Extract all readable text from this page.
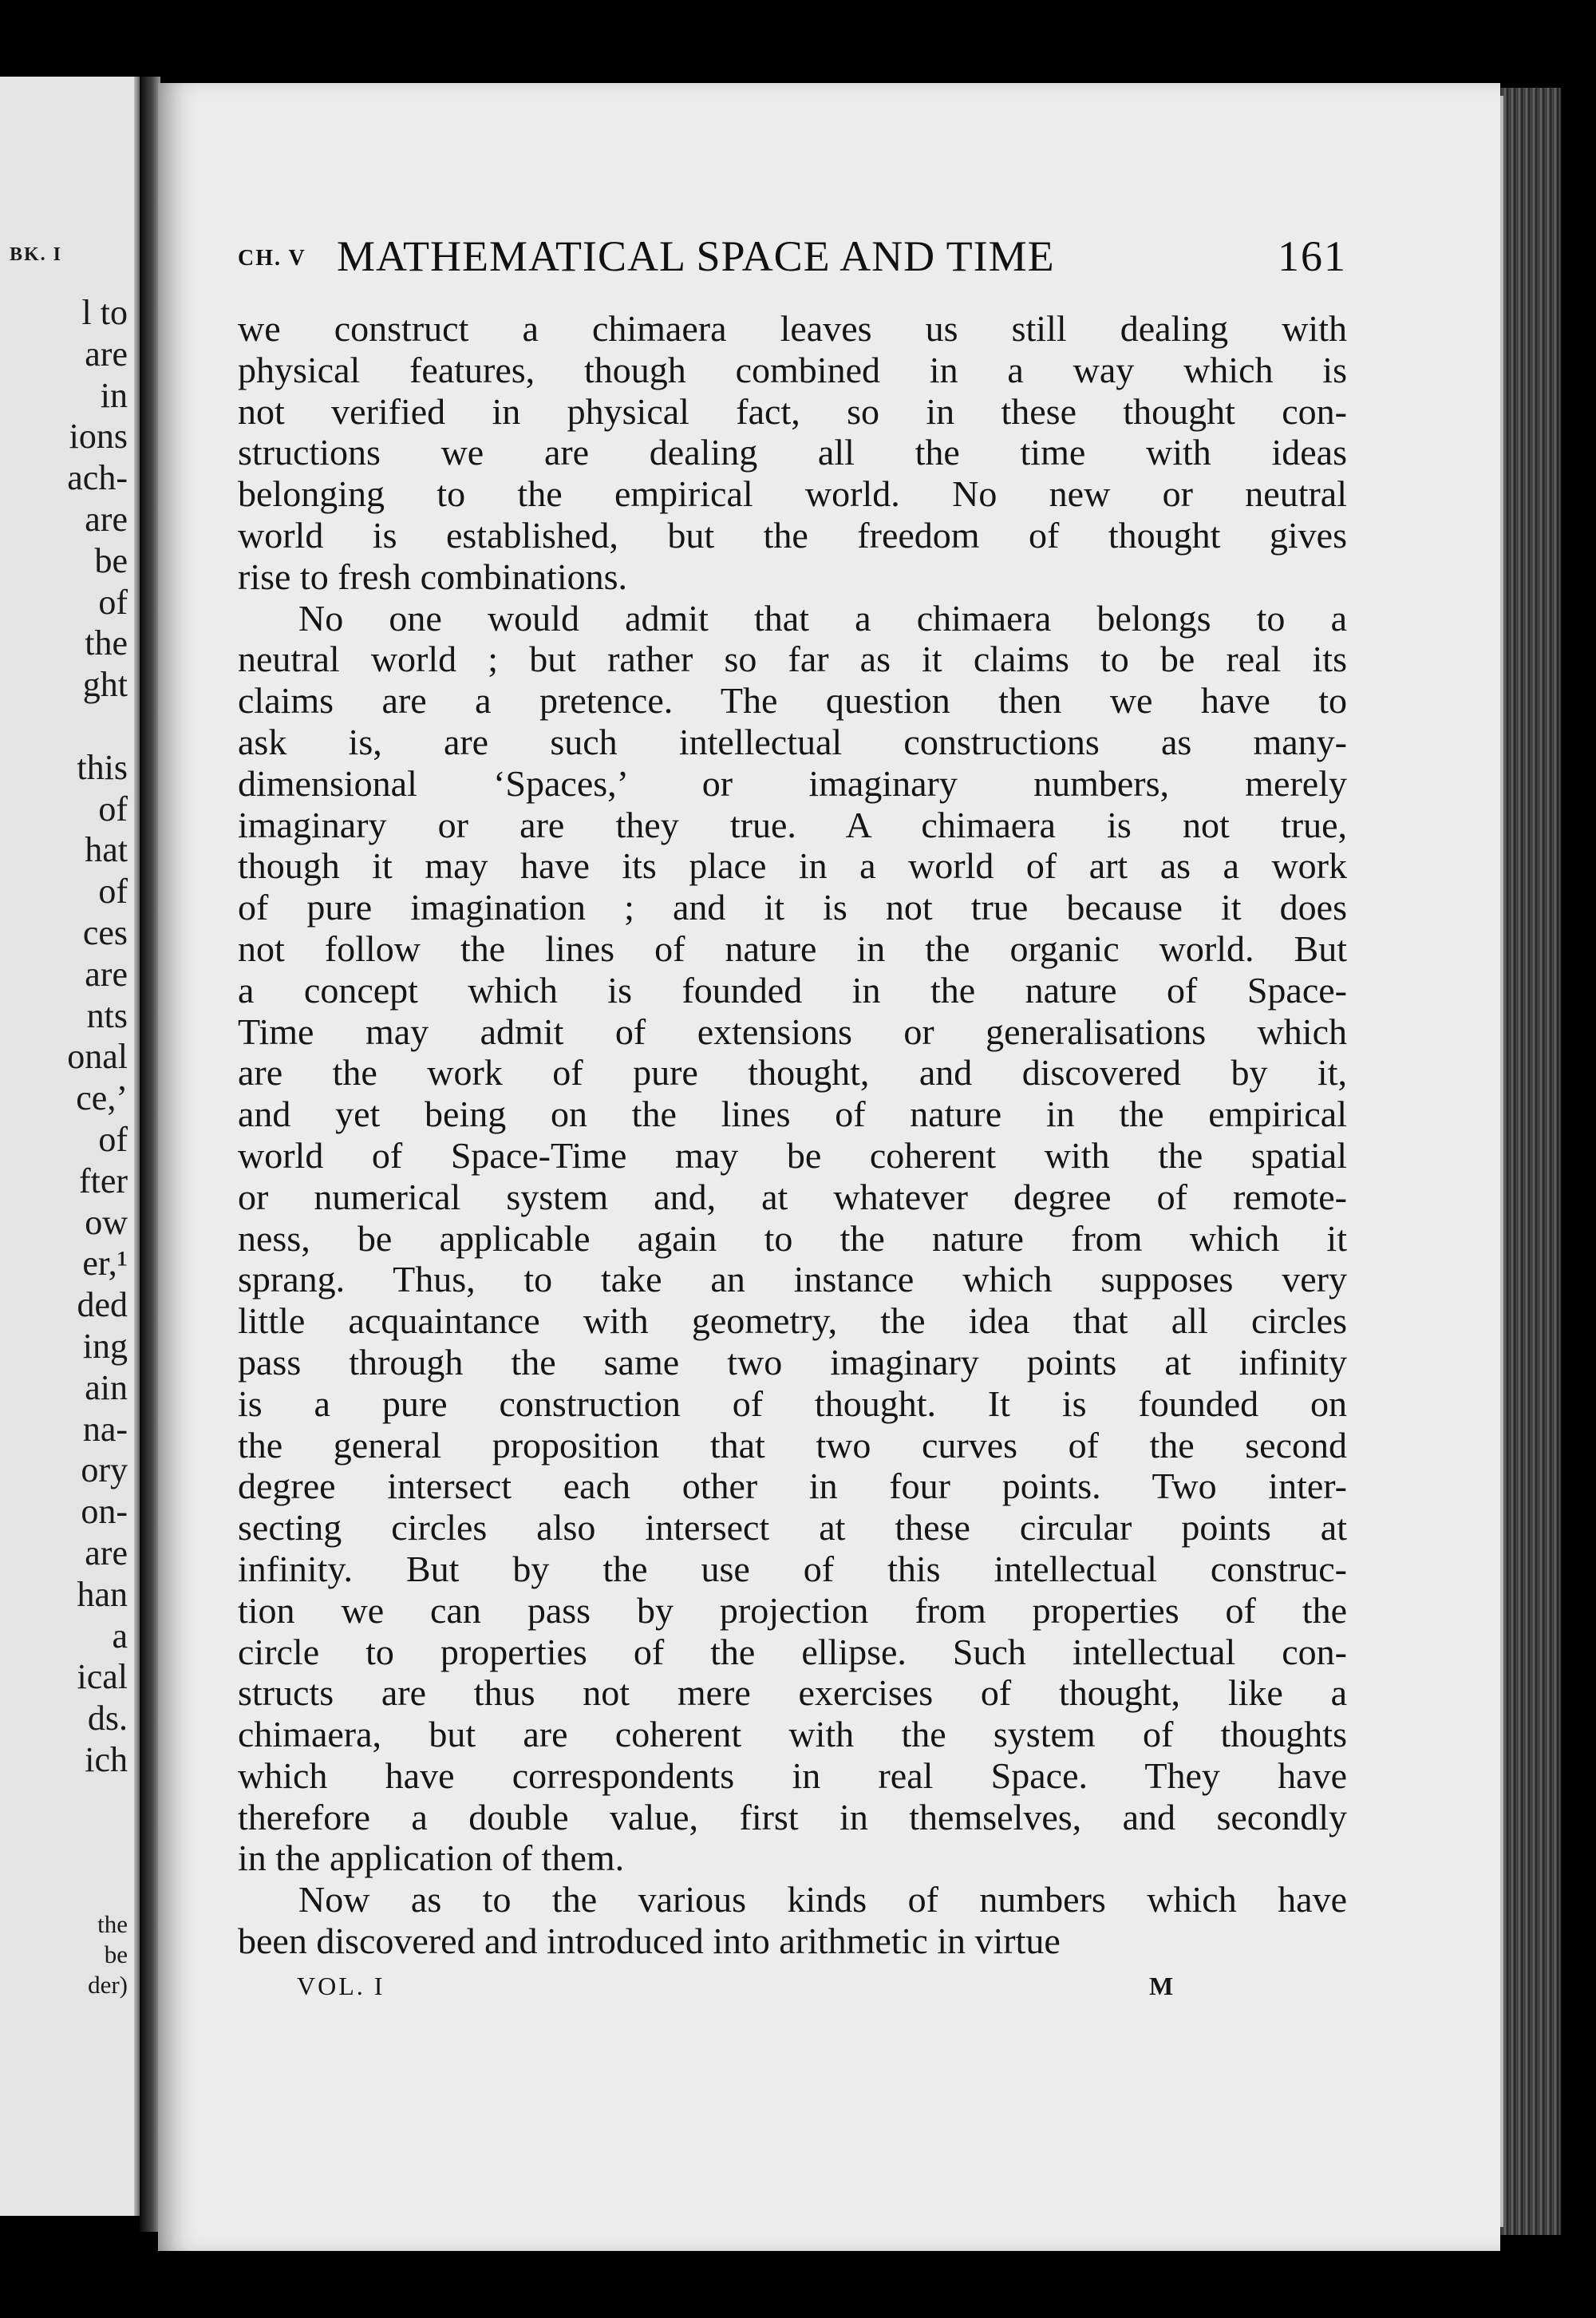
BK. I
l to
are
in
ions
ach-
are
be
of
the
ght

this
of
hat
of
ces
are
nts
onal
ce,’
of
fter
ow
er,¹
ded
ing
ain
na-
ory
on-
are
han
a
ical
ds.
ich
the
be
der)
CH. V MATHEMATICAL SPACE AND TIME	161
we construct a chimaera leaves us still dealing with
physical features, though combined in a way which is
not verified in physical fact, so in these thought con-
structions we are dealing all the time with ideas
belonging to the empirical world. No new or neutral
world is established, but the freedom of thought gives
rise to fresh combinations.
No one would admit that a chimaera belongs to a
neutral world ; but rather so far as it claims to be real its
claims are a pretence. The question then we have to
ask is, are such intellectual constructions as many-
dimensional ‘Spaces,’ or imaginary numbers, merely
imaginary or are they true. A chimaera is not true,
though it may have its place in a world of art as a work
of pure imagination ; and it is not true because it does
not follow the lines of nature in the organic world. But
a concept which is founded in the nature of Space-
Time may admit of extensions or generalisations which
are the work of pure thought, and discovered by it,
and yet being on the lines of nature in the empirical
world of Space-Time may be coherent with the spatial
or numerical system and, at whatever degree of remote-
ness, be applicable again to the nature from which it
sprang. Thus, to take an instance which supposes very
little acquaintance with geometry, the idea that all circles
pass through the same two imaginary points at infinity
is a pure construction of thought. It is founded on
the general proposition that two curves of the second
degree intersect each other in four points. Two inter-
secting circles also intersect at these circular points at
infinity. But by the use of this intellectual construc-
tion we can pass by projection from properties of the
circle to properties of the ellipse. Such intellectual con-
structs are thus not mere exercises of thought, like a
chimaera, but are coherent with the system of thoughts
which have correspondents in real Space. They have
therefore a double value, first in themselves, and secondly
in the application of them.
Now as to the various kinds of numbers which have
been discovered and introduced into arithmetic in virtue
VOL. I	M
